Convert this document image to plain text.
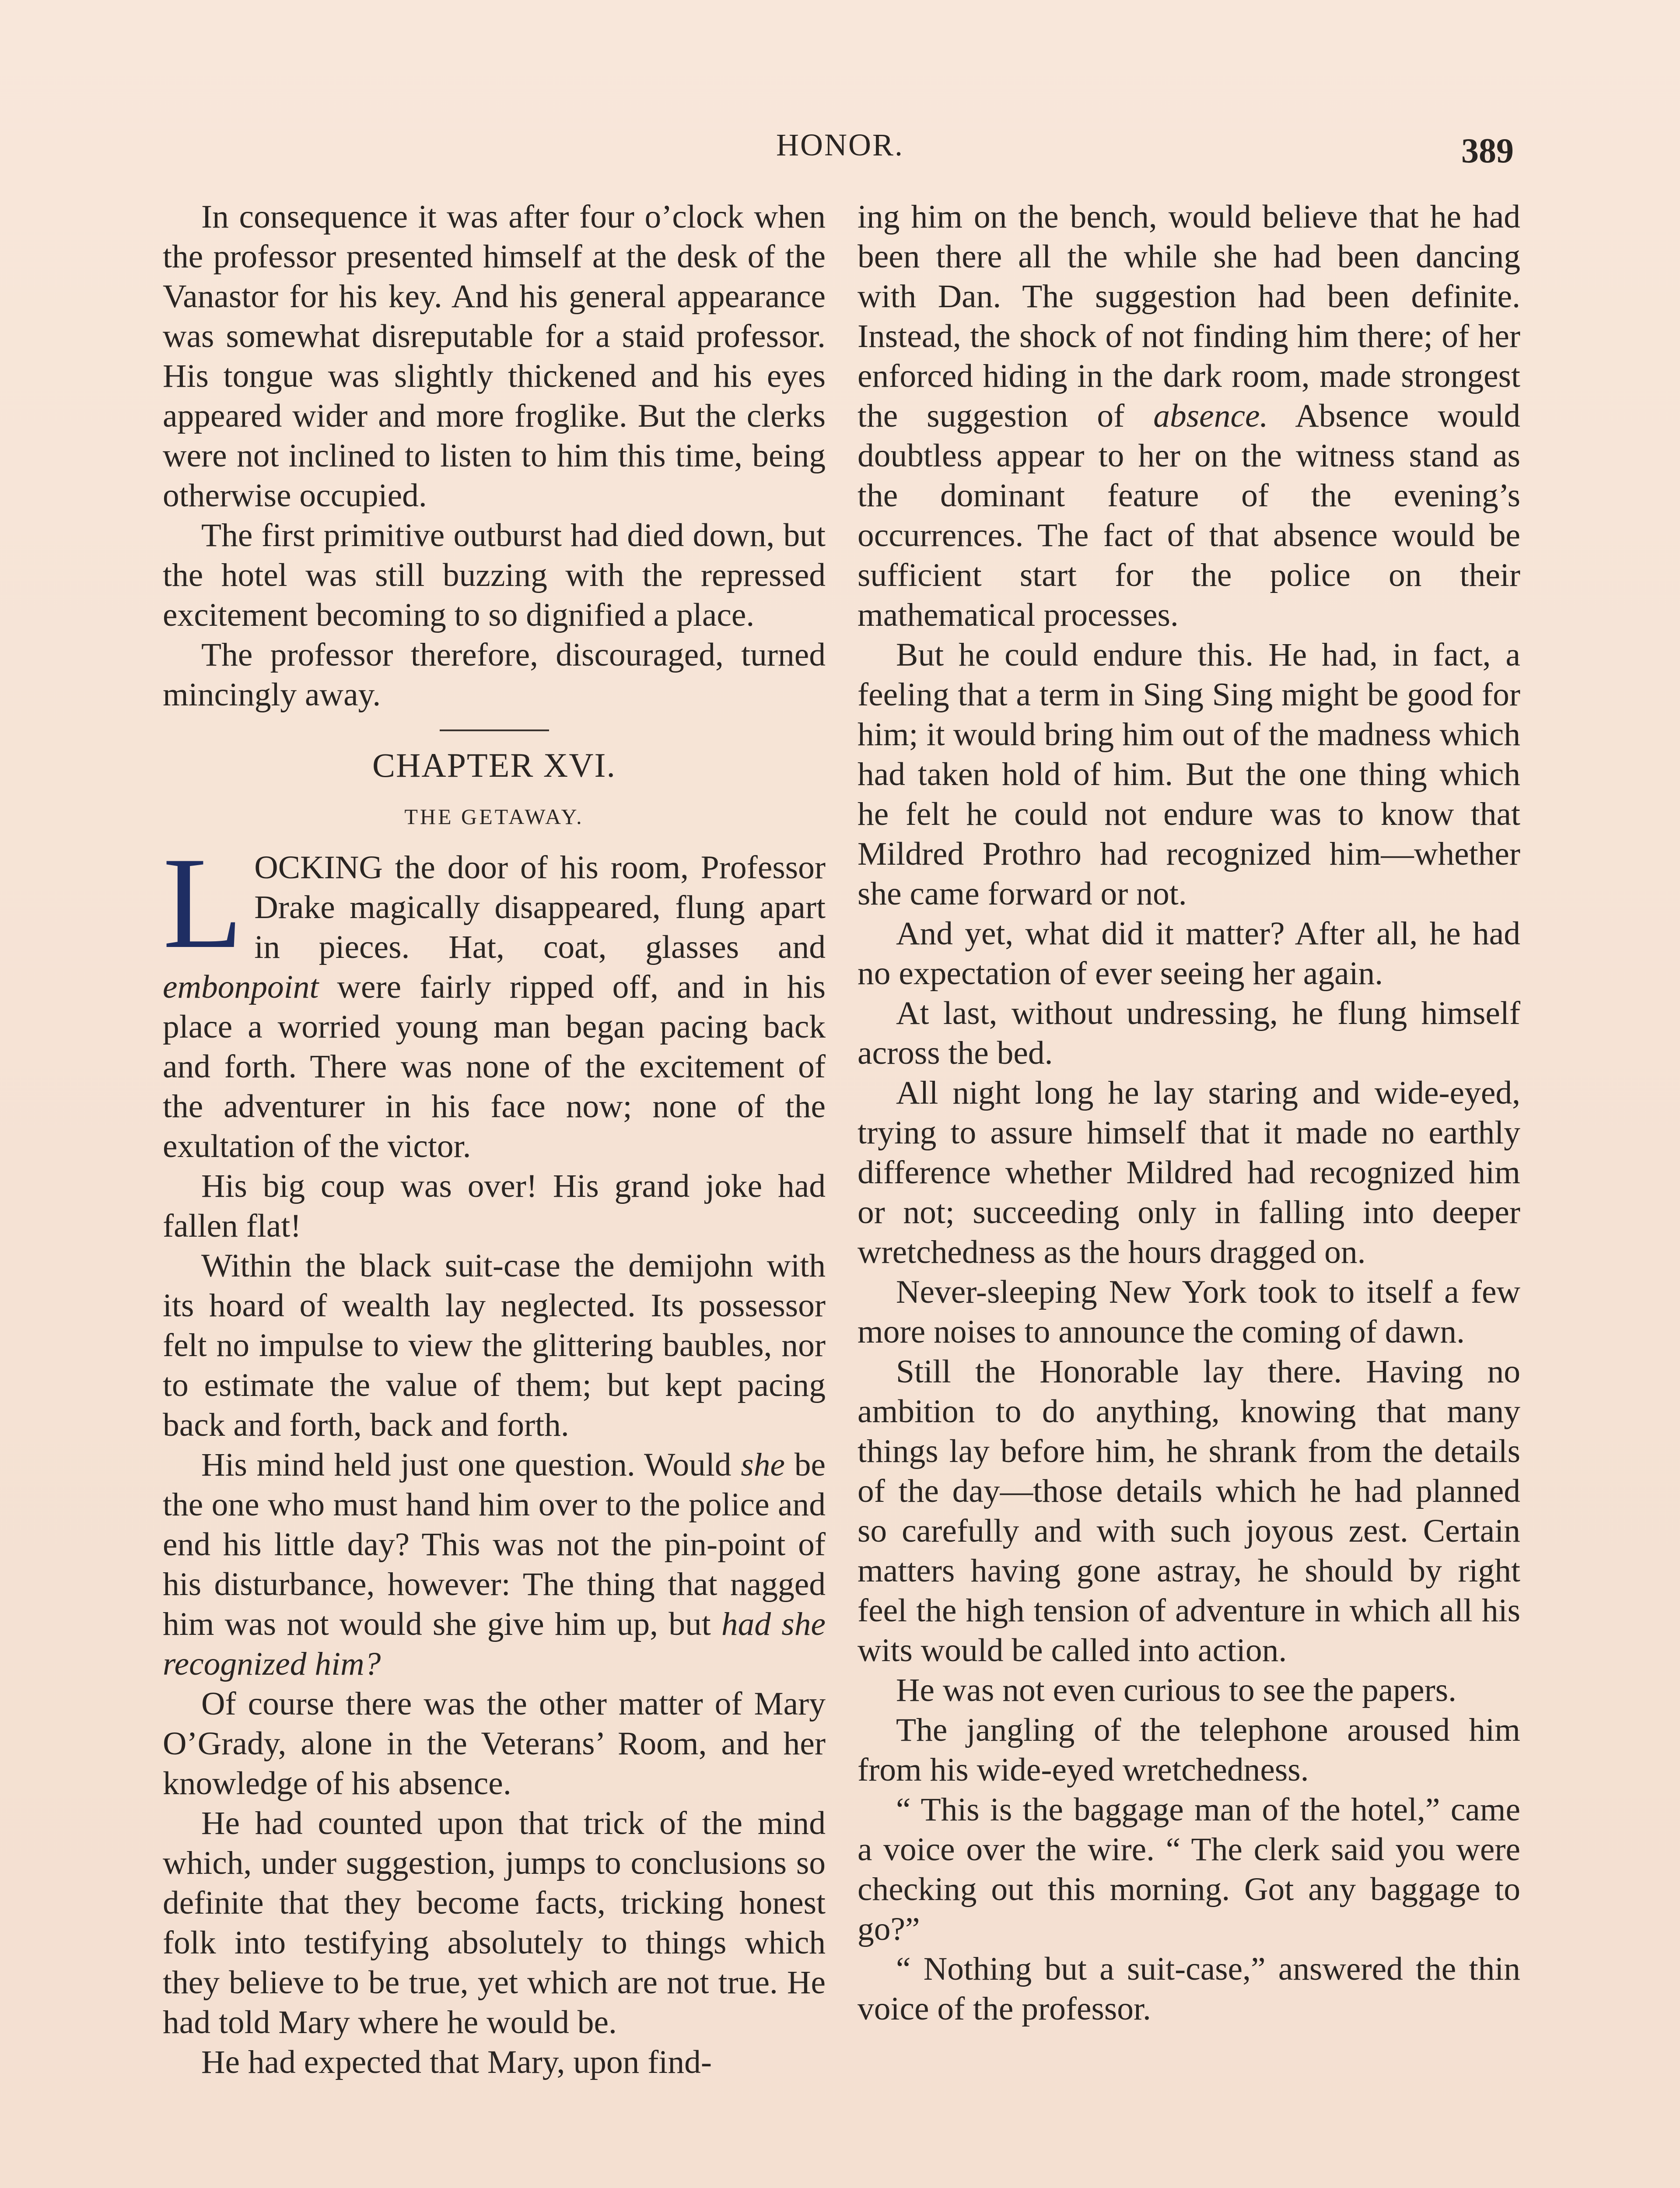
HONOR.	389

In consequence it was after four o’clock when the professor presented himself at the desk of the Vanastor for his key. And his general appearance was somewhat disreputable for a staid professor. His tongue was slightly thickened and his eyes appeared wider and more froglike. But the clerks were not inclined to listen to him this time, being otherwise occupied.

The first primitive outburst had died down, but the hotel was still buzzing with the repressed excitement becoming to so dignified a place.

The professor therefore, discouraged, turned mincingly away.

CHAPTER XVI.
THE GETAWAY.

LOCKING the door of his room, Professor Drake magically disappeared, flung apart in pieces. Hat, coat, glasses and embonpoint were fairly ripped off, and in his place a worried young man began pacing back and forth. There was none of the excitement of the adventurer in his face now; none of the exultation of the victor.

His big coup was over! His grand joke had fallen flat!

Within the black suit-case the demijohn with its hoard of wealth lay neglected. Its possessor felt no impulse to view the glittering baubles, nor to estimate the value of them; but kept pacing back and forth, back and forth.

His mind held just one question. Would she be the one who must hand him over to the police and end his little day? This was not the pin-point of his disturbance, however: The thing that nagged him was not would she give him up, but had she recognized him?

Of course there was the other matter of Mary O’Grady, alone in the Veterans’ Room, and her knowledge of his absence.

He had counted upon that trick of the mind which, under suggestion, jumps to conclusions so definite that they become facts, tricking honest folk into testifying absolutely to things which they believe to be true, yet which are not true. He had told Mary where he would be.

He had expected that Mary, upon find-

ing him on the bench, would believe that he had been there all the while she had been dancing with Dan. The suggestion had been definite. Instead, the shock of not finding him there; of her enforced hiding in the dark room, made strongest the suggestion of absence. Absence would doubtless appear to her on the witness stand as the dominant feature of the evening’s occurrences. The fact of that absence would be sufficient start for the police on their mathematical processes.

But he could endure this. He had, in fact, a feeling that a term in Sing Sing might be good for him; it would bring him out of the madness which had taken hold of him. But the one thing which he felt he could not endure was to know that Mildred Prothro had recognized him—whether she came forward or not.

And yet, what did it matter? After all, he had no expectation of ever seeing her again.

At last, without undressing, he flung himself across the bed.

All night long he lay staring and wide-eyed, trying to assure himself that it made no earthly difference whether Mildred had recognized him or not; succeeding only in falling into deeper wretchedness as the hours dragged on.

Never-sleeping New York took to itself a few more noises to announce the coming of dawn.

Still the Honorable lay there. Having no ambition to do anything, knowing that many things lay before him, he shrank from the details of the day—those details which he had planned so carefully and with such joyous zest. Certain matters having gone astray, he should by right feel the high tension of adventure in which all his wits would be called into action.

He was not even curious to see the papers.

The jangling of the telephone aroused him from his wide-eyed wretchedness.

“ This is the baggage man of the hotel,” came a voice over the wire. “ The clerk said you were checking out this morning. Got any baggage to go?”

“ Nothing but a suit-case,” answered the thin voice of the professor.
